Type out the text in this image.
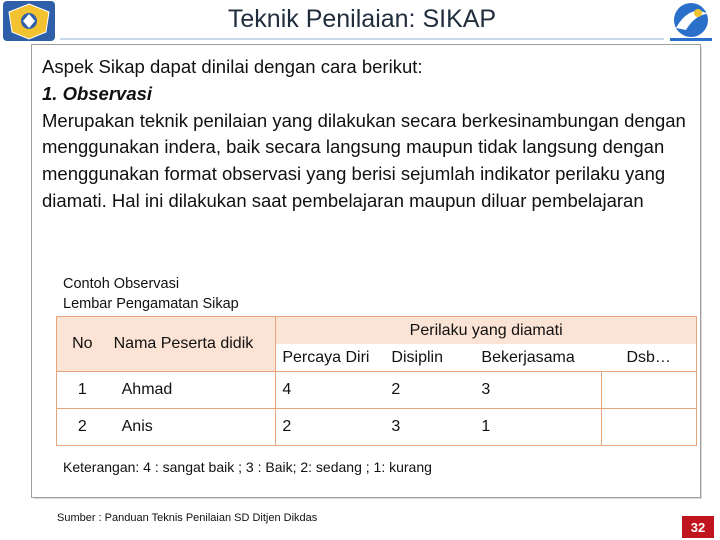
Teknik Penilaian: SIKAP
Aspek Sikap dapat dinilai dengan cara berikut:
1. Observasi
Merupakan teknik penilaian yang dilakukan secara berkesinambungan dengan menggunakan indera, baik secara langsung maupun tidak langsung dengan menggunakan format observasi yang berisi sejumlah indikator perilaku yang diamati. Hal ini dilakukan saat pembelajaran maupun diluar pembelajaran
Contoh Observasi
Lembar Pengamatan Sikap
No	Nama Peserta didik	Perilaku yang diamati			
		Percaya Diri	Disiplin	Bekerjasama	Dsb…
1	Ahmad	4	2	3	
2	Anis	2	3	1	
Keterangan: 4 : sangat baik ; 3 : Baik; 2: sedang ; 1: kurang
Sumber : Panduan Teknis Penilaian SD Ditjen Dikdas
32
